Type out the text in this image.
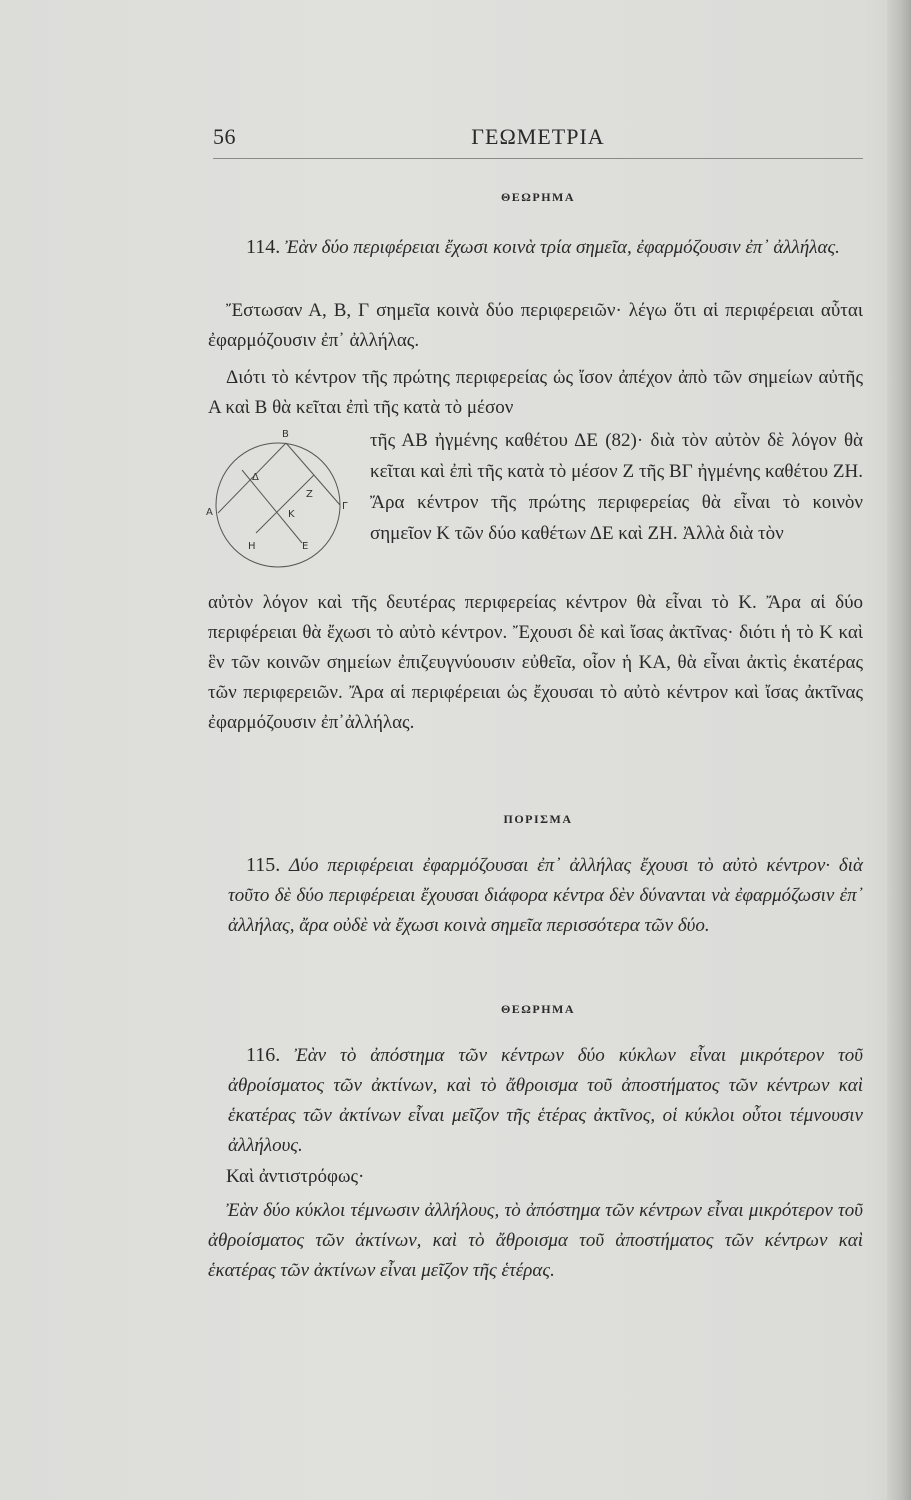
56	ΓΕΩΜΕΤΡΙΑ
ΘΕΩΡΗΜΑ

114. Ἐὰν δύο περιφέρειαι ἔχωσι κοινὰ τρία σημεῖα, ἐφαρμόζουσιν ἐπ᾽ ἀλλήλας.

Ἔστωσαν Α, Β, Γ σημεῖα κοινὰ δύο περιφερειῶν· λέγω ὅτι αἱ περιφέρειαι αὗται ἐφαρμόζουσιν ἐπ᾽ ἀλλήλας.

Διότι τὸ κέντρον τῆς πρώτης περιφερείας ὡς ἴσον ἀπέχον ἀπὸ τῶν σημείων αὐτῆς Α καὶ Β θὰ κεῖται ἐπὶ τῆς κατὰ τὸ μέσον

Β
Α
Γ
Δ
Ζ
Κ
Η	Ε

τῆς ΑΒ ἠγμένης καθέτου ΔΕ (82)· διὰ τὸν αὐτὸν δὲ λόγον θὰ κεῖται καὶ ἐπὶ τῆς κατὰ τὸ μέσον Ζ τῆς ΒΓ ἠγμένης καθέτου ΖΗ. Ἄρα κέντρον τῆς πρώτης περιφερείας θὰ εἶναι τὸ κοινὸν σημεῖον Κ τῶν δύο καθέτων ΔΕ καὶ ΖΗ. Ἀλλὰ διὰ τὸν

αὐτὸν λόγον καὶ τῆς δευτέρας περιφερείας κέντρον θὰ εἶναι τὸ Κ. Ἄρα αἱ δύο περιφέρειαι θὰ ἔχωσι τὸ αὐτὸ κέντρον. Ἔχουσι δὲ καὶ ἴσας ἀκτῖνας· διότι ἡ τὸ Κ καὶ ἓν τῶν κοινῶν σημείων ἐπιζευγνύουσιν εὐθεῖα, οἷον ἡ ΚΑ, θὰ εἶναι ἀκτὶς ἑκατέρας τῶν περιφερειῶν. Ἄρα αἱ περιφέρειαι ὡς ἔχουσαι τὸ αὐτὸ κέντρον καὶ ἴσας ἀκτῖνας ἐφαρμόζουσιν ἐπ᾽ἀλλήλας.

ΠΟΡΙΣΜΑ

115. Δύο περιφέρειαι ἐφαρμόζουσαι ἐπ᾽ ἀλλήλας ἔχουσι τὸ αὐτὸ κέντρον· διὰ τοῦτο δὲ δύο περιφέρειαι ἔχουσαι διάφορα κέντρα δὲν δύνανται νὰ ἐφαρμόζωσιν ἐπ᾽ ἀλλήλας, ἄρα οὐδὲ νὰ ἔχωσι κοινὰ σημεῖα περισσότερα τῶν δύο.

ΘΕΩΡΗΜΑ

116. Ἐὰν τὸ ἀπόστημα τῶν κέντρων δύο κύκλων εἶναι μικρότερον τοῦ ἀθροίσματος τῶν ἀκτίνων, καὶ τὸ ἄθροισμα τοῦ ἀποστήματος τῶν κέντρων καὶ ἑκατέρας τῶν ἀκτίνων εἶναι μεῖζον τῆς ἑτέρας ἀκτῖνος, οἱ κύκλοι οὗτοι τέμνουσιν ἀλλήλους.

Καὶ ἀντιστρόφως·

Ἐὰν δύο κύκλοι τέμνωσιν ἀλλήλους, τὸ ἀπόστημα τῶν κέντρων εἶναι μικρότερον τοῦ ἀθροίσματος τῶν ἀκτίνων, καὶ τὸ ἄθροισμα τοῦ ἀποστήματος τῶν κέντρων καὶ ἑκατέρας τῶν ἀκτίνων εἶναι μεῖζον τῆς ἑτέρας.
